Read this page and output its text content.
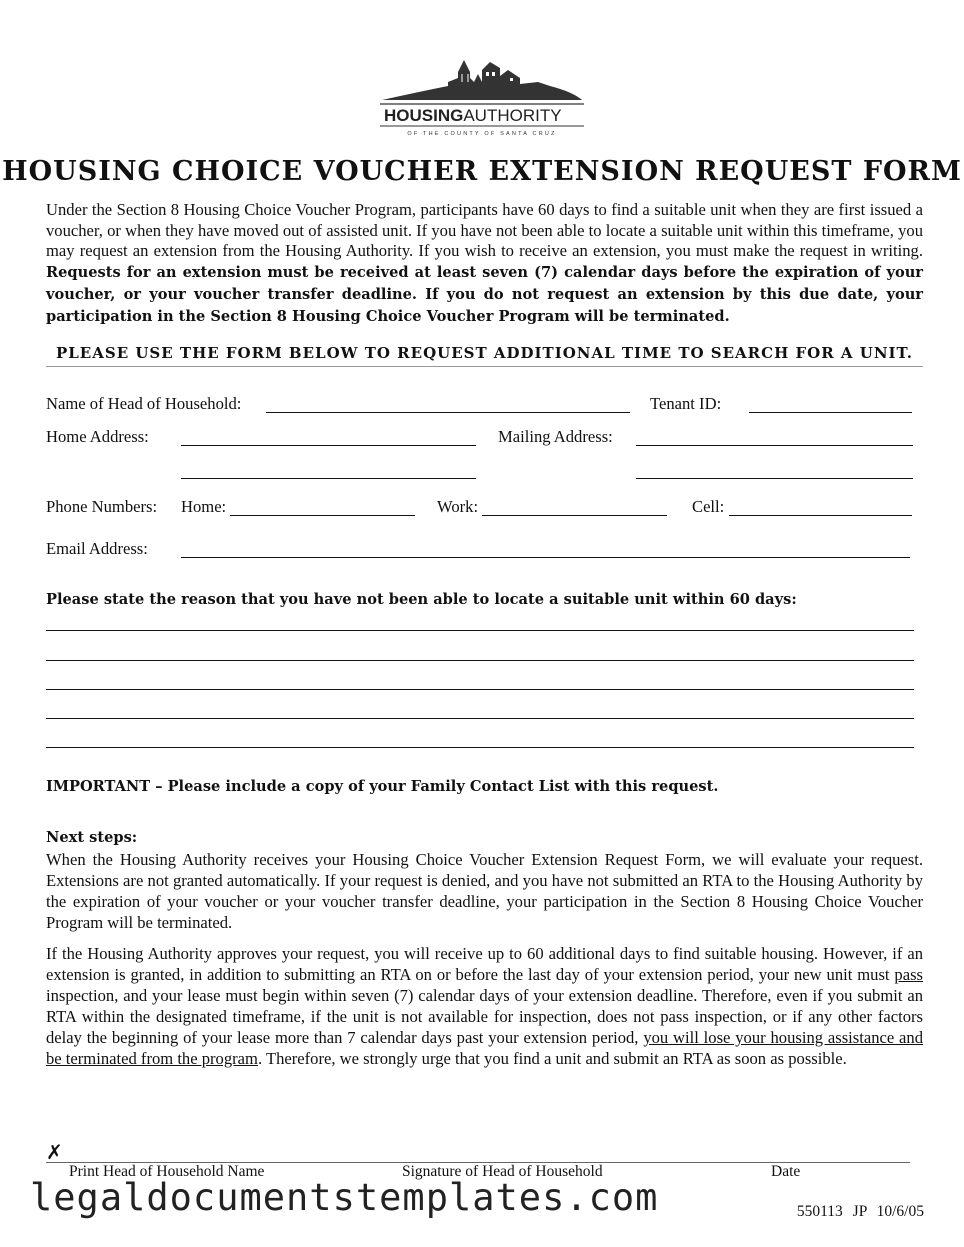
HOUSINGAUTHORITY
OF THE COUNTY OF SANTA CRUZ
HOUSING CHOICE VOUCHER EXTENSION REQUEST FORM
Under the Section 8 Housing Choice Voucher Program, participants have 60 days to find a suitable unit when they are first issued a voucher, or when they have moved out of assisted unit. If you have not been able to locate a suitable unit within this timeframe, you may request an extension from the Housing Authority. If you wish to receive an extension, you must make the request in writing. Requests for an extension must be received at least seven (7) calendar days before the expiration of your voucher, or your voucher transfer deadline. If you do not request an extension by this due date, your participation in the Section 8 Housing Choice Voucher Program will be terminated.
PLEASE USE THE FORM BELOW TO REQUEST ADDITIONAL TIME TO SEARCH FOR A UNIT.
Name of Head of Household:	Tenant ID:
Home Address:	Mailing Address:
Phone Numbers: Home:	Work:	Cell:
Email Address:
Please state the reason that you have not been able to locate a suitable unit within 60 days:
IMPORTANT – Please include a copy of your Family Contact List with this request.
Next steps:
When the Housing Authority receives your Housing Choice Voucher Extension Request Form, we will evaluate your request. Extensions are not granted automatically. If your request is denied, and you have not submitted an RTA to the Housing Authority by the expiration of your voucher or your voucher transfer deadline, your participation in the Section 8 Housing Choice Voucher Program will be terminated.
If the Housing Authority approves your request, you will receive up to 60 additional days to find suitable housing. However, if an extension is granted, in addition to submitting an RTA on or before the last day of your extension period, your new unit must pass inspection, and your lease must begin within seven (7) calendar days of your extension deadline. Therefore, even if you submit an RTA within the designated timeframe, if the unit is not available for inspection, does not pass inspection, or if any other factors delay the beginning of your lease more than 7 calendar days past your extension period, you will lose your housing assistance and be terminated from the program. Therefore, we strongly urge that you find a unit and submit an RTA as soon as possible.
✗
Print Head of Household Name	Signature of Head of Household	Date
legaldocumentstemplates.com	550113 JP 10/6/05
